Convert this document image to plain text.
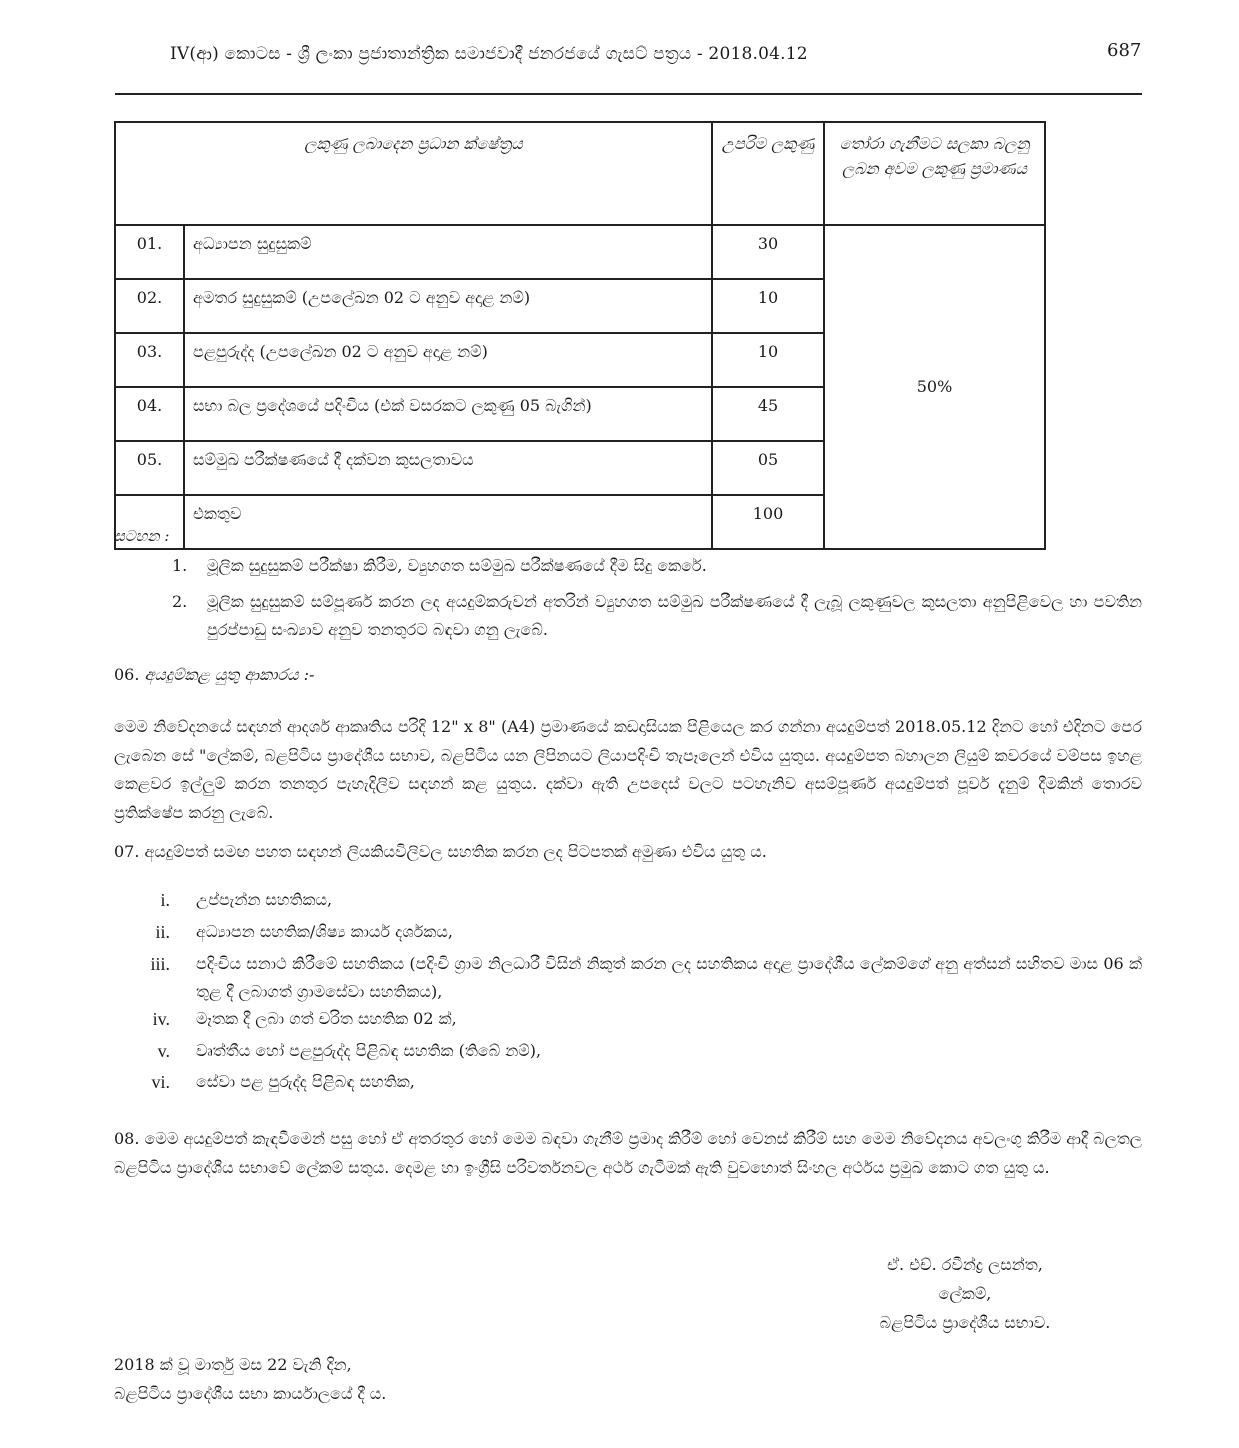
IV(ආ) කොටස - ශ්‍රී ලංකා ප්‍රජාතාන්ත්‍රික සමාජවාදී ජනරජයේ ගැසට් පත්‍රය - 2018.04.12	687
ලකුණු ලබාදෙන ප්‍රධාන ක්ෂේත්‍රය		උපරිම ලකුණු	තෝරා ගැනීමට සලකා බලනු ලබන අවම ලකුණු ප්‍රමාණය
01.	අධ්‍යාපන සුදුසුකම්	30	50%
02.	අමතර සුදුසුකම් (උපලේඛන 02 ට අනුව අදාළ නම්)	10	
03.	පළපුරුද්ද (උපලේඛන 02 ට අනුව අදාළ නම්)	10	
04.	සභා බල ප්‍රදේශයේ පදිංචිය (එක් වසරකට ලකුණු 05 බැගින්)	45	
05.	සම්මුඛ පරීක්ෂණයේ දී දක්වන කුසලතාවය	05	
	එකතුව	100	
සටහන :
1. මූලික සුදුසුකම් පරීක්ෂා කිරීම, ව්‍යුහගත සම්මුඛ පරීක්ෂණයේ දීම සිදු කෙරේ.
2. මූලික සුදුසුකම් සම්පූර්ණ කරන ලද අයදුම්කරුවන් අතරින් ව්‍යුහගත සම්මුඛ පරීක්ෂණයේ දී ලැබූ ලකුණුවල කුසලතා අනුපිළිවෙල හා පවතින පුරප්පාඩු සංඛ්‍යාව අනුව තනතුරට බඳවා ගනු ලැබේ.
06. අයදුම්කළ යුතු ආකාරය :-
මෙම නිවේදනයේ සඳහන් ආදර්ශ ආකෘතිය පරිදි 12" x 8" (A4) ප්‍රමාණයේ කඩදාසියක පිළියෙල කර ගන්නා අයදුම්පත් 2018.05.12 දිනට හෝ එදිනට පෙර ලැබෙන සේ "ලේකම්, බළපිටිය ප්‍රාදේශීය සභාව, බළපිටිය යන ලිපිනයට ලියාපදිංචි තැපෑලෙන් එවිය යුතුය. අයදුම්පත බහාලන ලියුම් කවරයේ වම්පස ඉහළ කෙළවර ඉල්ලුම් කරන තනතුර පැහැදිලිව සඳහන් කළ යුතුය. දක්වා ඇති උපදෙස් වලට පටහැනිව අසම්පූර්ණ අයදුම්පත් පූර්ව දැනුම් දීමකින් තොරව ප්‍රතික්ෂේප කරනු ලැබේ.
07. අයදුම්පත් සමඟ පහත සඳහන් ලියකියවිලිවල සහතික කරන ලද පිටපතක් අමුණා එවිය යුතු ය.
i. උප්පැන්න සහතිකය,
ii. අධ්‍යාපන සහතික/ශිෂ්‍ය කාර්ය දර්ශකය,
iii. පදිංචිය සනාථ කිරීමේ සහතිකය (පදිංචි ග්‍රාම නිලධාරී විසින් නිකුත් කරන ලද සහතිකය අදාළ ප්‍රාදේශීය ලේකම්ගේ අනු අත්සන් සහිතව මාස 06 ක් තුළ දී ලබාගත් ග්‍රාමසේවා සහතිකය),
iv. මෑතක දී ලබා ගත් චරිත සහතික 02 ක්,
v. වෘත්තීය හෝ පළපුරුද්ද පිළිබඳ සහතික (තිබේ නම්),
vi. සේවා පළ පුරුද්ද පිළිබඳ සහතික,
08. මෙම අයදුම්පත් කැඳවීමෙන් පසු හෝ ඒ අතරතුර හෝ මෙම බඳවා ගැනීම් ප්‍රමාද කිරීම් හෝ වෙනස් කිරීම් සහ මෙම නිවේදනය අවලංගු කිරීම ආදී බලතල බළපිටිය ප්‍රාදේශීය සභාවේ ලේකම් සතුය. දෙමළ හා ඉංග්‍රීසි පරිවර්තනවල අර්ථ ගැටීමක් ඇති වුවහොත් සිංහල අර්ථය ප්‍රමුඛ කොට ගත යුතු ය.
ඒ. එච්. රවීන්ද්‍ර ලසන්ත,
ලේකම්,
බළපිටිය ප්‍රාදේශීය සභාව.
2018 ක් වූ මාර්තු මස 22 වැනි දින,
බළපිටිය ප්‍රාදේශීය සභා කාර්යාලයේ දී ය.
